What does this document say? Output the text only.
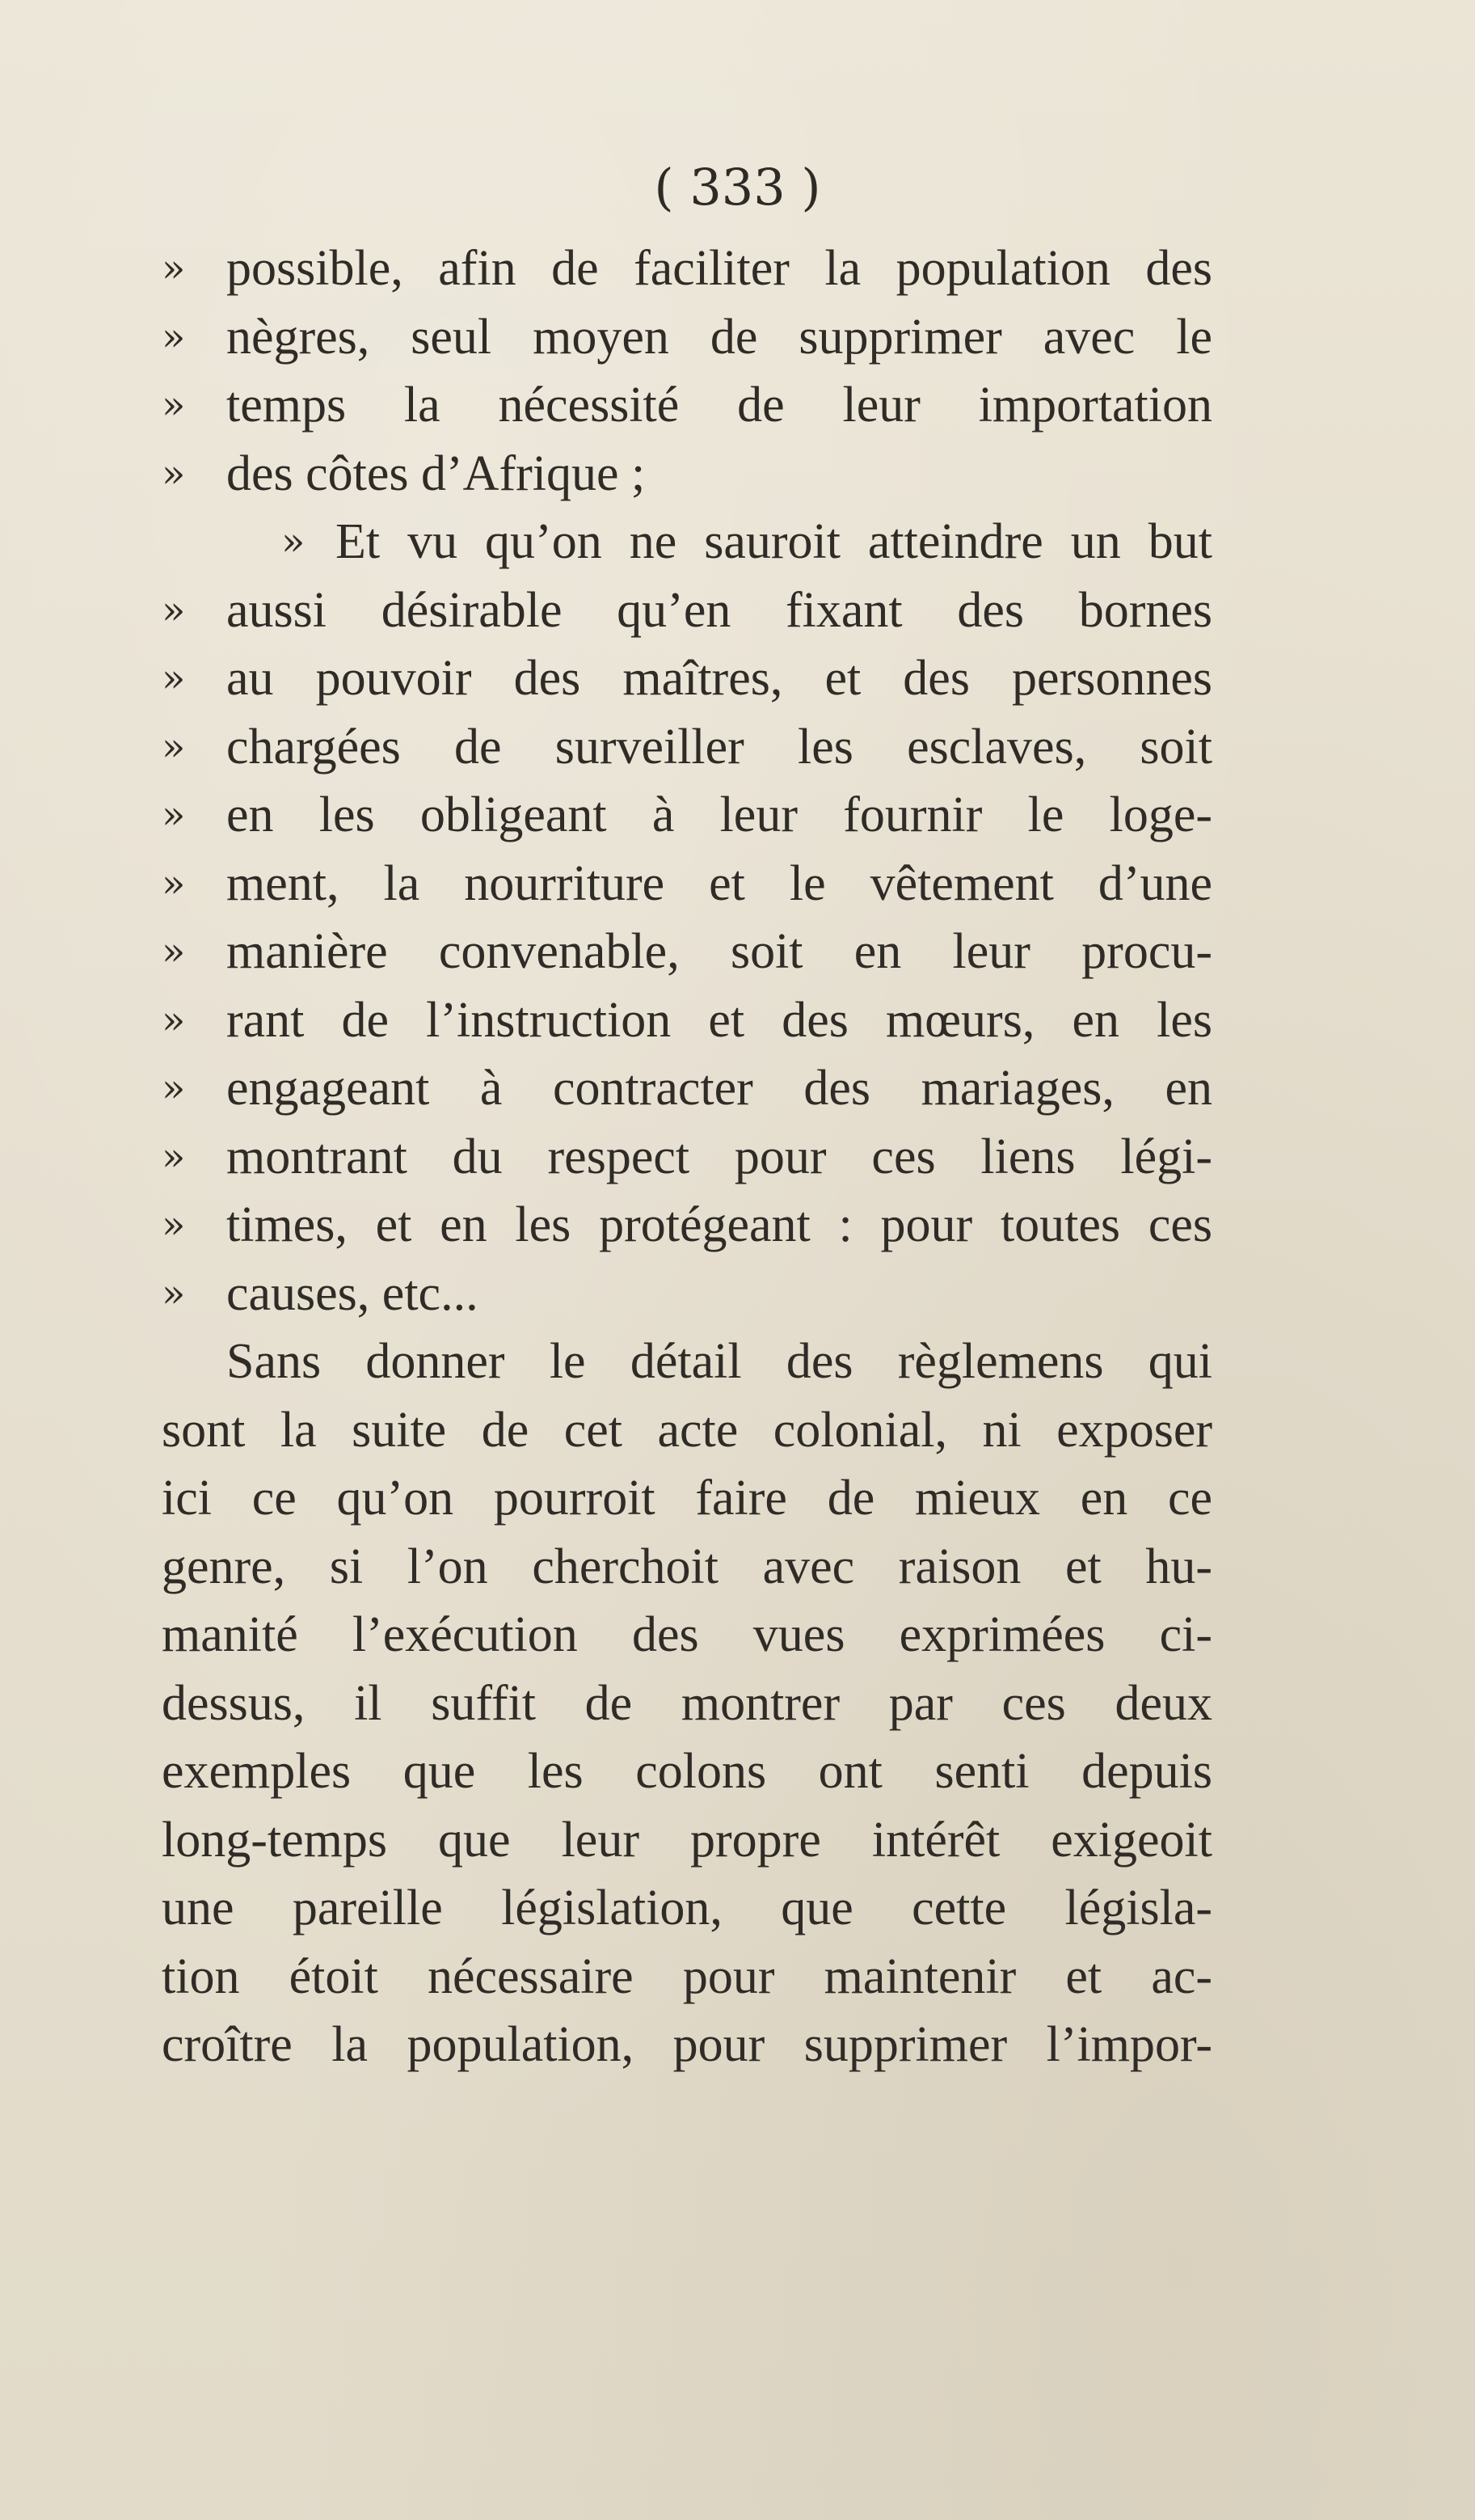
( 333 )

» possible, afin de faciliter la population des
» nègres, seul moyen de supprimer avec le
» temps la nécessité de leur importation
» des côtes d’Afrique ;
» Et vu qu’on ne sauroit atteindre un but
» aussi désirable qu’en fixant des bornes
» au pouvoir des maîtres, et des personnes
» chargées de surveiller les esclaves, soit
» en les obligeant à leur fournir le loge-
» ment, la nourriture et le vêtement d’une
» manière convenable, soit en leur procu-
» rant de l’instruction et des mœurs, en les
» engageant à contracter des mariages, en
» montrant du respect pour ces liens légi-
» times, et en les protégeant : pour toutes ces
» causes, etc...
Sans donner le détail des règlemens qui
sont la suite de cet acte colonial, ni exposer
ici ce qu’on pourroit faire de mieux en ce
genre, si l’on cherchoit avec raison et hu-
manité l’exécution des vues exprimées ci-
dessus, il suffit de montrer par ces deux
exemples que les colons ont senti depuis
long-temps que leur propre intérêt exigeoit
une pareille législation, que cette législa-
tion étoit nécessaire pour maintenir et ac-
croître la population, pour supprimer l’impor-
